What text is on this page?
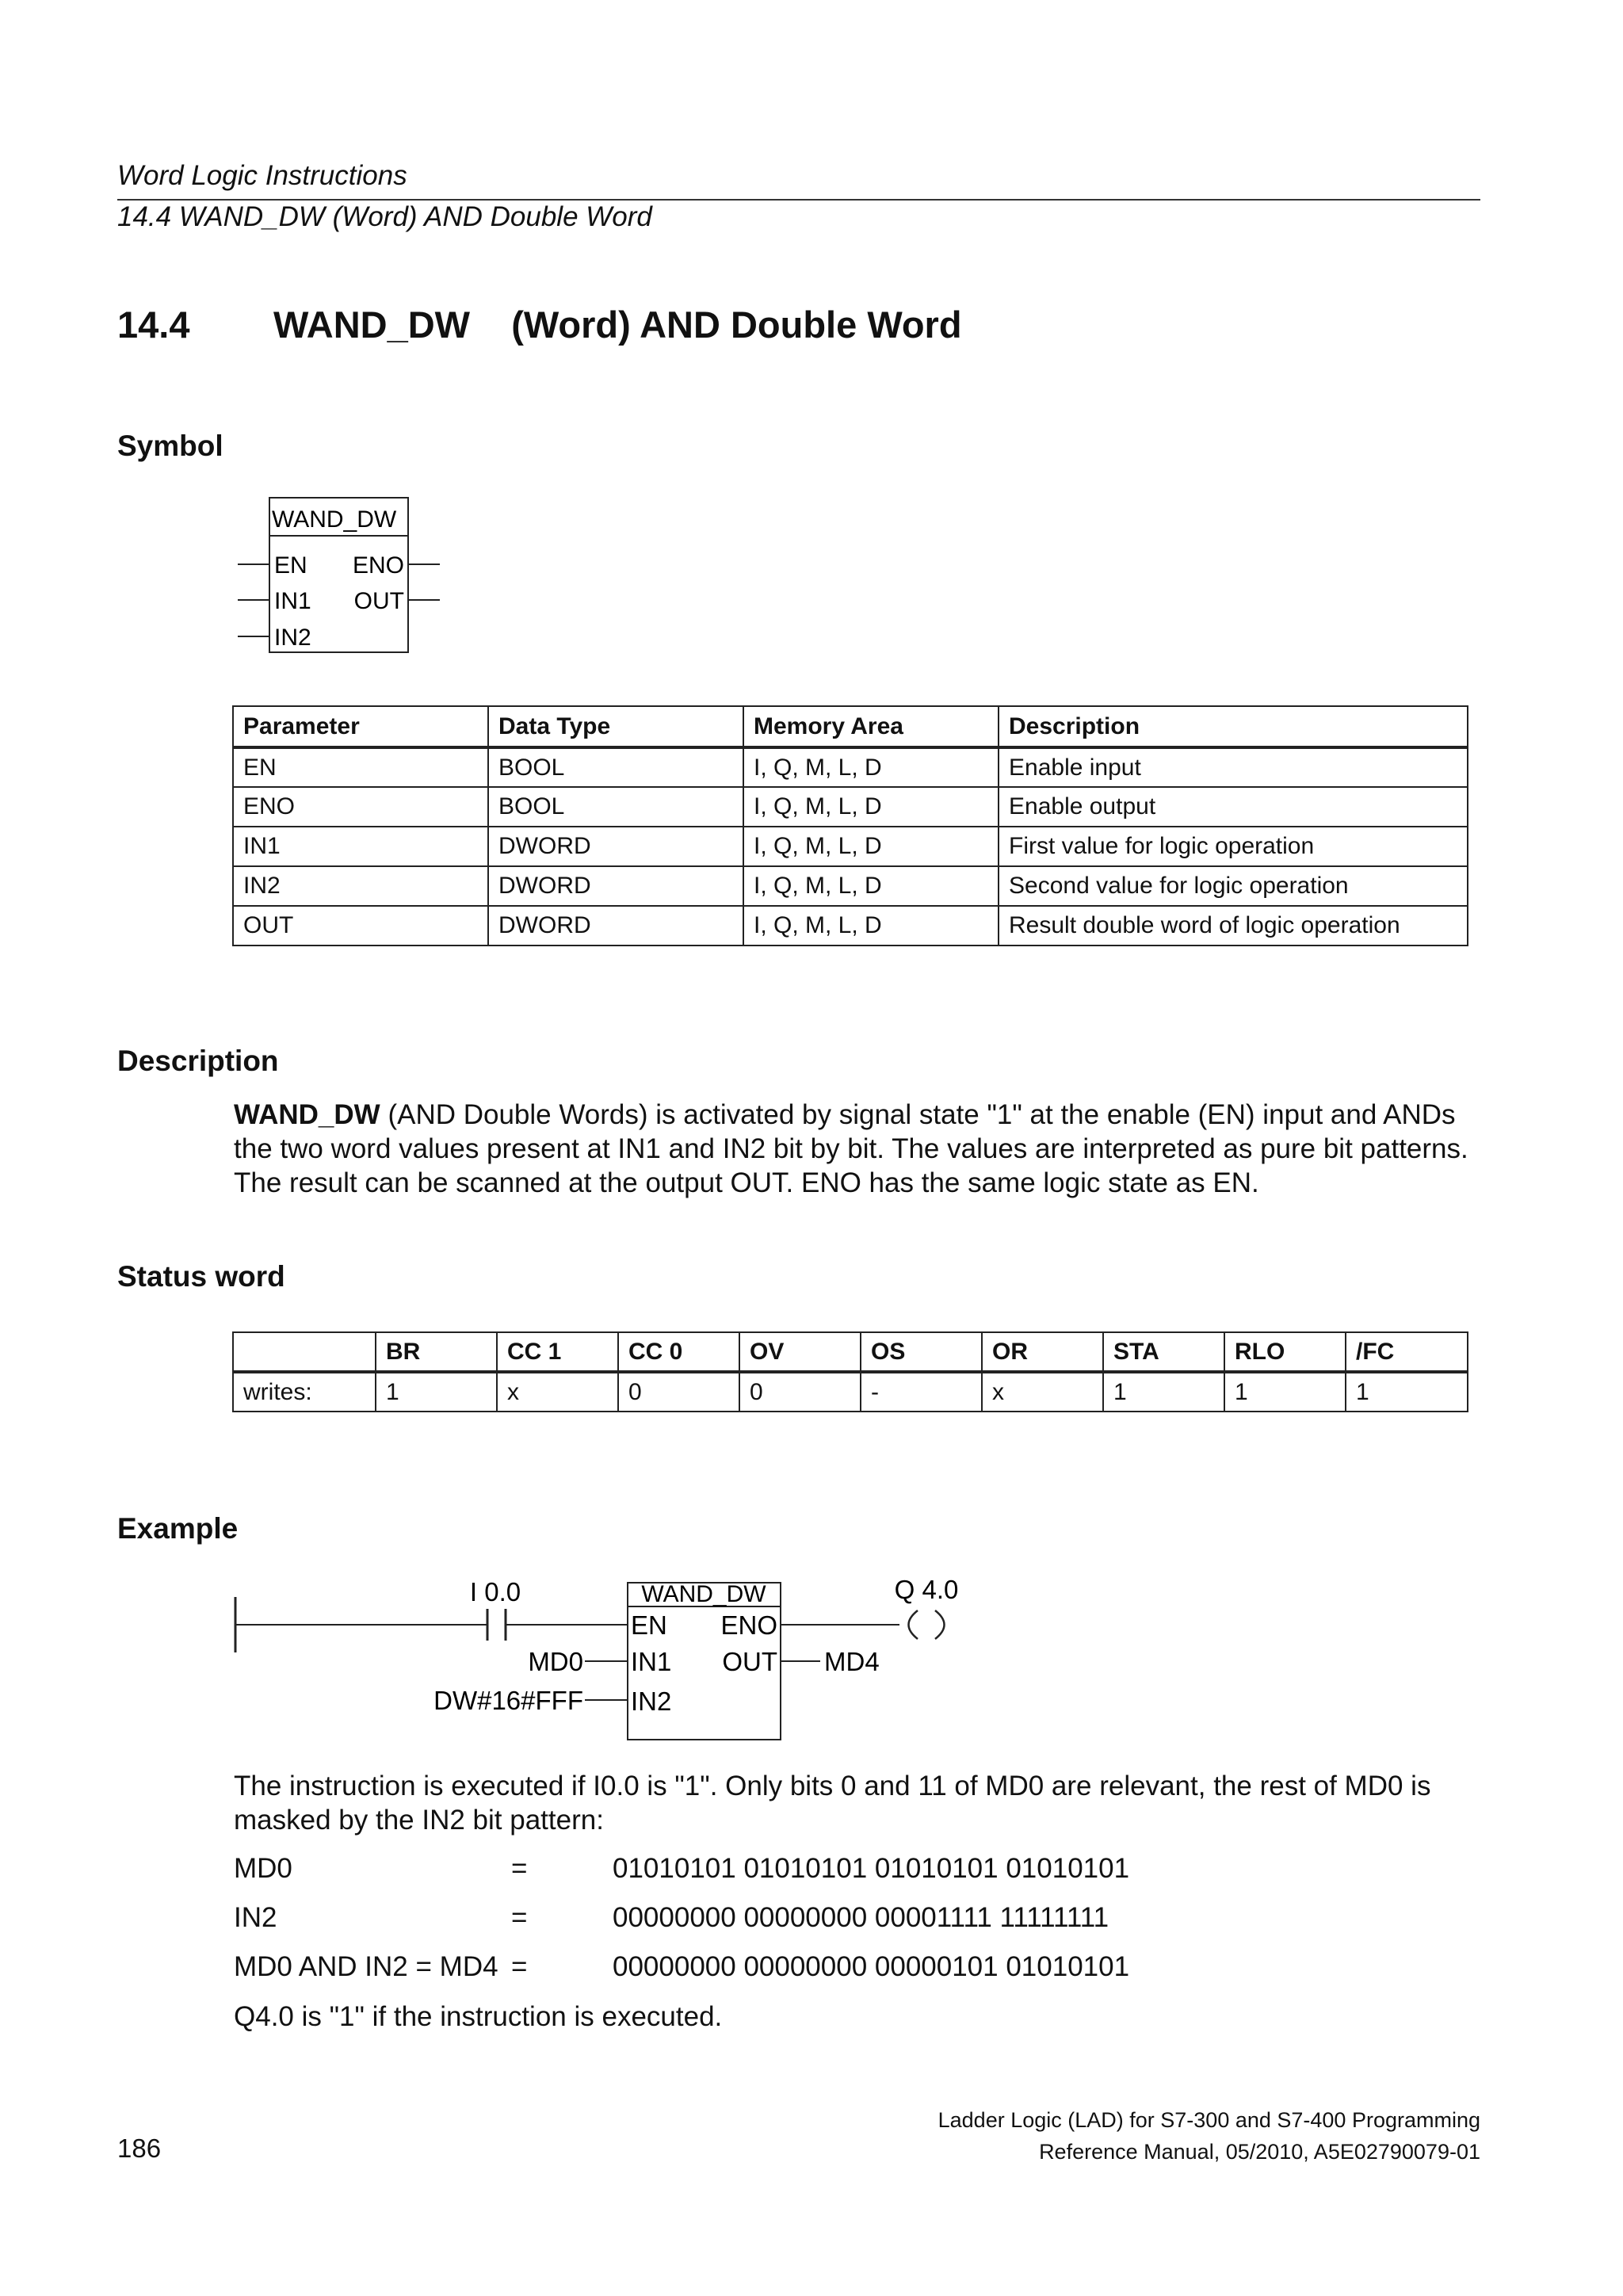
Word Logic Instructions
14.4 WAND_DW (Word) AND Double Word
14.4 WAND_DW    (Word) AND Double Word
Symbol
WAND_DW
EN
IN1
IN2
ENO
OUT
Parameter	Data Type	Memory Area	Description
EN	BOOL	I, Q, M, L, D	Enable input
ENO	BOOL	I, Q, M, L, D	Enable output
IN1	DWORD	I, Q, M, L, D	First value for logic operation
IN2	DWORD	I, Q, M, L, D	Second value for logic operation
OUT	DWORD	I, Q, M, L, D	Result double word of logic operation
Description
WAND_DW (AND Double Words) is activated by signal state "1" at the enable (EN) input and ANDs the two word values present at IN1 and IN2 bit by bit. The values are interpreted as pure bit patterns. The result can be scanned at the output OUT. ENO has the same logic state as EN.
Status word
	BR	CC 1	CC 0	OV	OS	OR	STA	RLO	/FC
writes:	1	x	0	0	-	x	1	1	1
Example
I 0.0	WAND_DW
EN
IN1
IN2
ENO
OUT
MD0
DW#16#FFF
MD4
Q 4.0
The instruction is executed if I0.0 is "1". Only bits 0 and 11 of MD0 are relevant, the rest of MD0 is masked by the IN2 bit pattern:
MD0	=	01010101 01010101 01010101 01010101
IN2	=	00000000 00000000 00001111 11111111
MD0 AND IN2 = MD4 =	00000000 00000000 00000101 01010101
Q4.0 is "1" if the instruction is executed.
186
Ladder Logic (LAD) for S7-300 and S7-400 Programming
Reference Manual, 05/2010, A5E02790079-01
